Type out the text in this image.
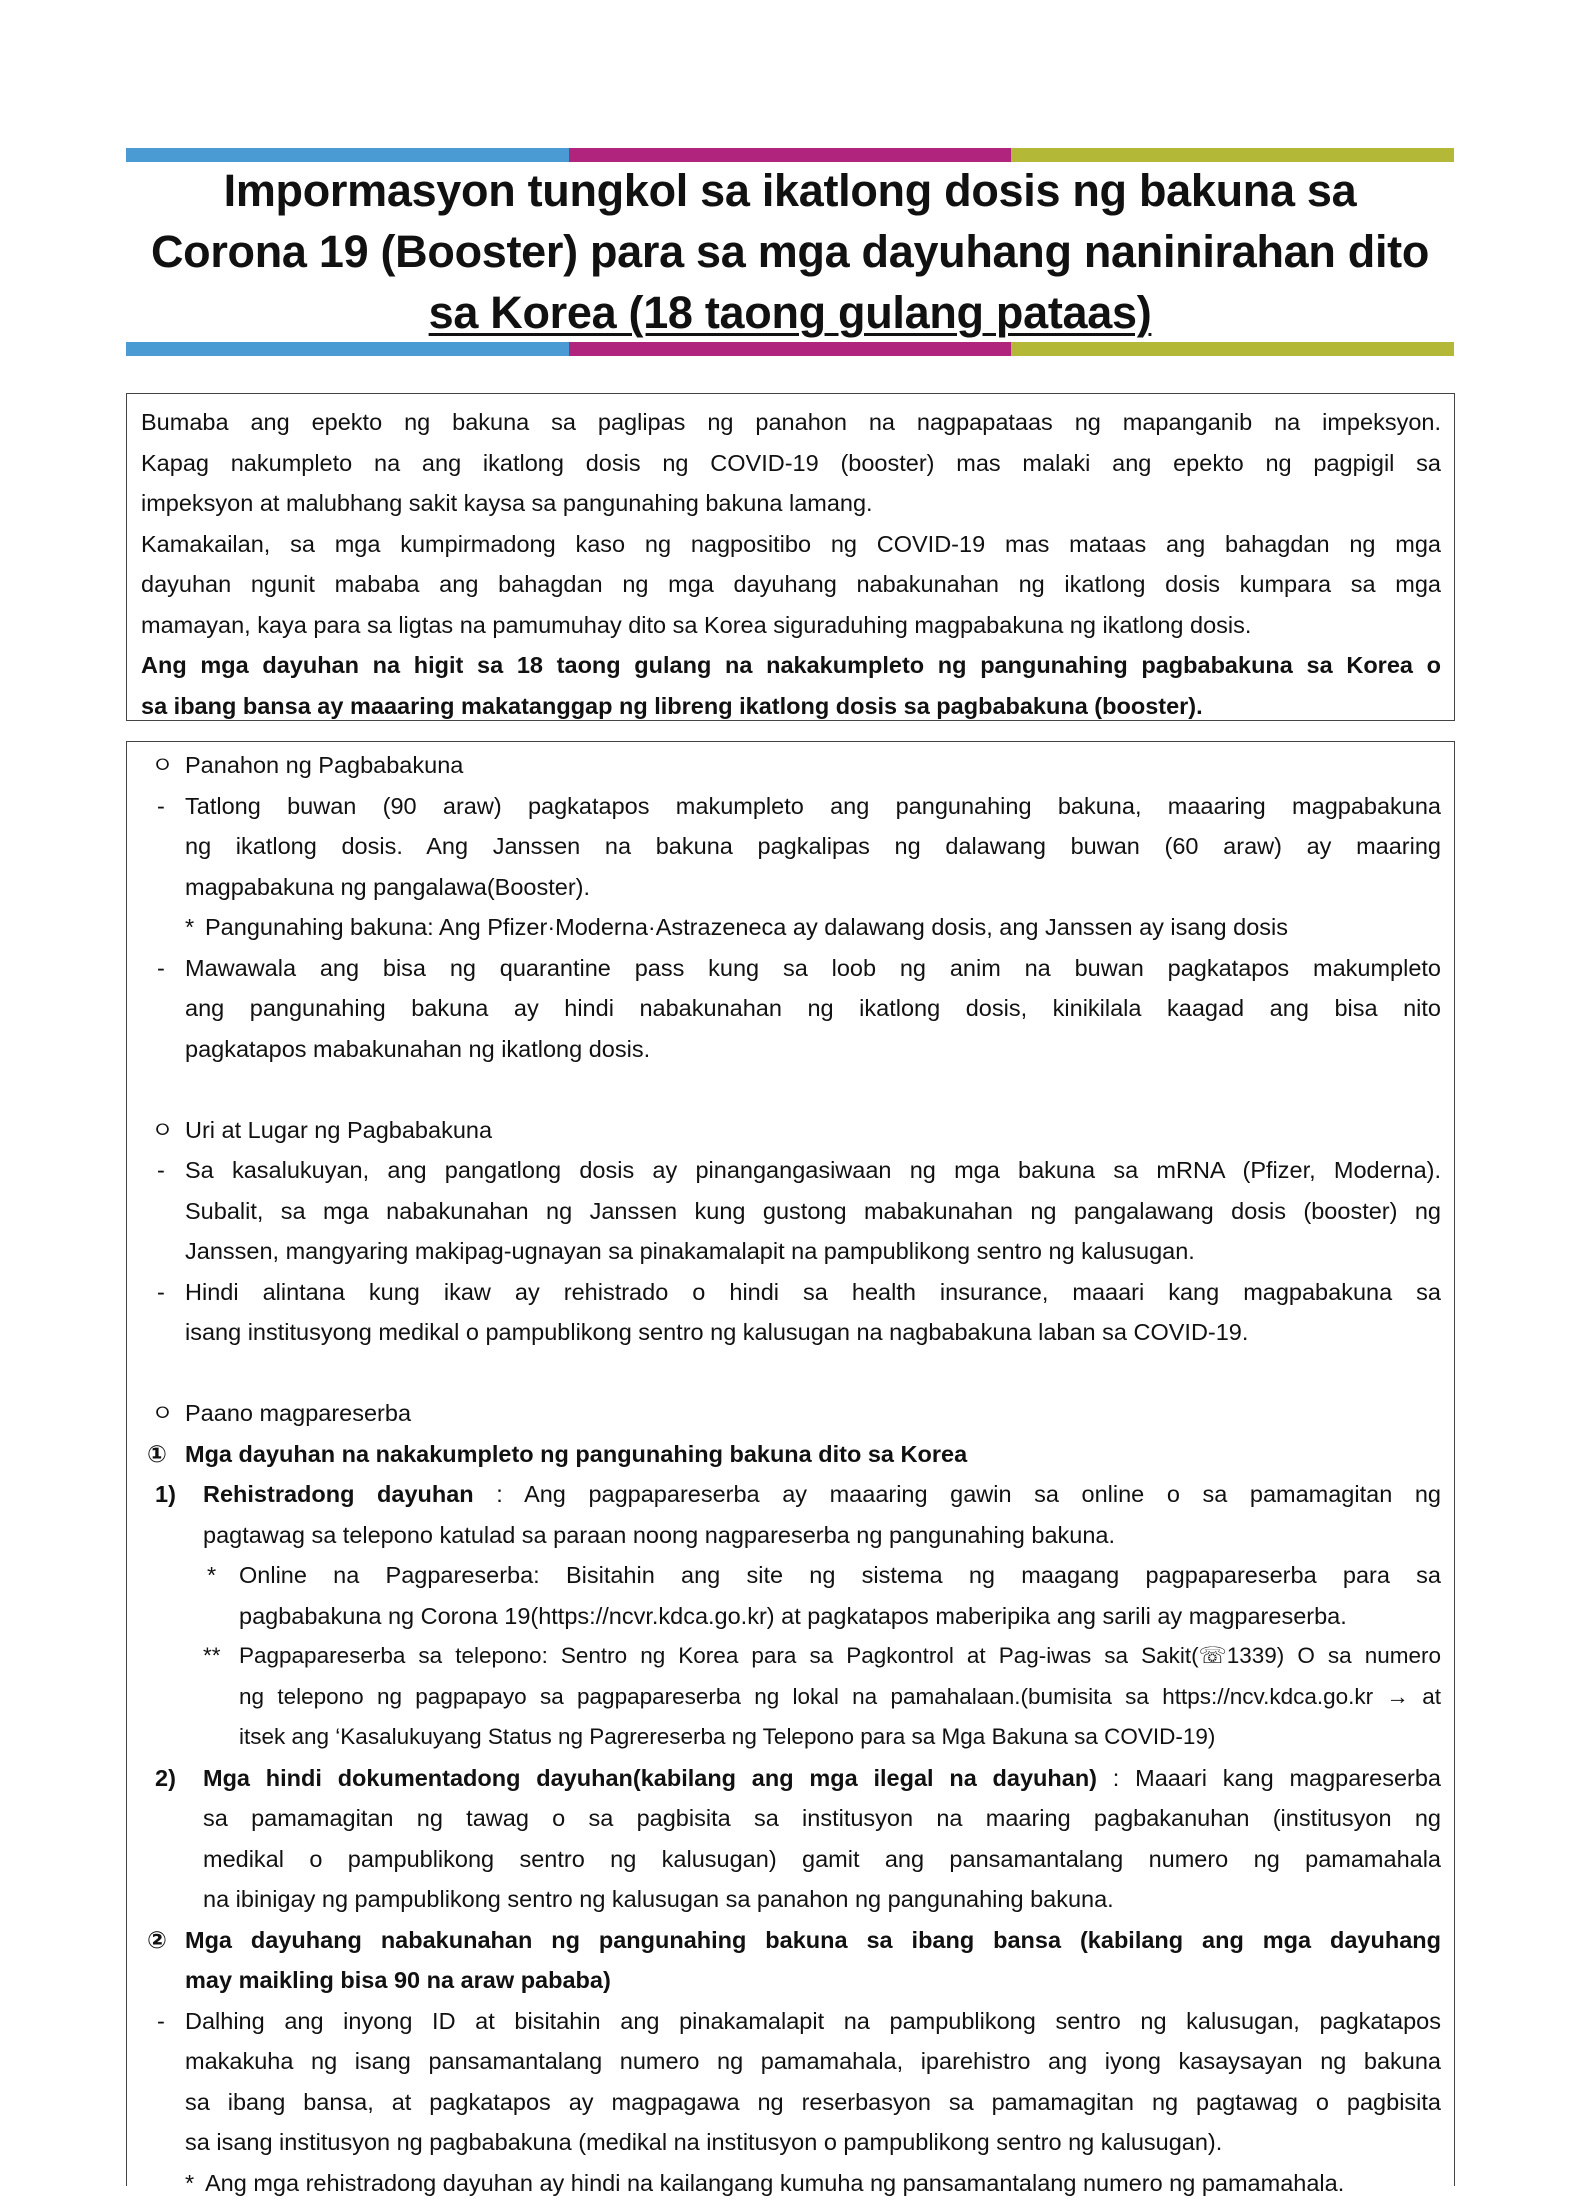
Impormasyon tungkol sa ikatlong dosis ng bakuna sa
Corona 19 (Booster) para sa mga dayuhang naninirahan dito
sa Korea (18 taong gulang pataas)

Bumaba ang epekto ng bakuna sa paglipas ng panahon na nagpapataas ng mapanganib na impeksyon.

Kapag nakumpleto na ang ikatlong dosis ng COVID-19 (booster) mas malaki ang epekto ng pagpigil sa

impeksyon at malubhang sakit kaysa sa pangunahing bakuna lamang.

Kamakailan, sa mga kumpirmadong kaso ng nagpositibo ng COVID-19 mas mataas ang bahagdan ng mga

dayuhan ngunit mababa ang bahagdan ng mga dayuhang nabakunahan ng ikatlong dosis kumpara sa mga

mamayan, kaya para sa ligtas na pamumuhay dito sa Korea siguraduhing magpabakuna ng ikatlong dosis.

Ang mga dayuhan na higit sa 18 taong gulang na nakakumpleto ng pangunahing pagbabakuna sa Korea o

sa ibang bansa ay maaaring makatanggap ng libreng ikatlong dosis sa pagbabakuna (booster).

ㅇ Panahon ng Pagbabakuna
- Tatlong buwan (90 araw) pagkatapos makumpleto ang pangunahing bakuna, maaaring magpabakuna
ng ikatlong dosis. Ang Janssen na bakuna pagkalipas ng dalawang buwan (60 araw) ay maaring
magpabakuna ng pangalawa(Booster).
* Pangunahing bakuna: Ang Pfizer·Moderna·Astrazeneca ay dalawang dosis, ang Janssen ay isang dosis
- Mawawala ang bisa ng quarantine pass kung sa loob ng anim na buwan pagkatapos makumpleto
ang pangunahing bakuna ay hindi nabakunahan ng ikatlong dosis, kinikilala kaagad ang bisa nito
pagkatapos mabakunahan ng ikatlong dosis.
ㅇ Uri at Lugar ng Pagbabakuna
- Sa kasalukuyan, ang pangatlong dosis ay pinangangasiwaan ng mga bakuna sa mRNA (Pfizer, Moderna).
Subalit, sa mga nabakunahan ng Janssen kung gustong mabakunahan ng pangalawang dosis (booster) ng
Janssen, mangyaring makipag-ugnayan sa pinakamalapit na pampublikong sentro ng kalusugan.
- Hindi alintana kung ikaw ay rehistrado o hindi sa health insurance, maaari kang magpabakuna sa
isang institusyong medikal o pampublikong sentro ng kalusugan na nagbabakuna laban sa COVID-19.
ㅇ Paano magpareserba
① Mga dayuhan na nakakumpleto ng pangunahing bakuna dito sa Korea
1) Rehistradong dayuhan : Ang pagpapareserba ay maaaring gawin sa online o sa pamamagitan ng
pagtawag sa telepono katulad sa paraan noong nagpareserba ng pangunahing bakuna.
* Online na Pagpareserba: Bisitahin ang site ng sistema ng maagang pagpapareserba para sa
pagbabakuna ng Corona 19(https://ncvr.kdca.go.kr) at pagkatapos maberipika ang sarili ay magpareserba.
** Pagpapareserba sa telepono: Sentro ng Korea para sa Pagkontrol at Pag-iwas sa Sakit(☏1339) O sa numero
ng telepono ng pagpapayo sa pagpapareserba ng lokal na pamahalaan.(bumisita sa https://ncv.kdca.go.kr → at
itsek ang ‘Kasalukuyang Status ng Pagrereserba ng Telepono para sa Mga Bakuna sa COVID-19)
2) Mga hindi dokumentadong dayuhan(kabilang ang mga ilegal na dayuhan) : Maaari kang magpareserba
sa pamamagitan ng tawag o sa pagbisita sa institusyon na maaring pagbakanuhan (institusyon ng
medikal o pampublikong sentro ng kalusugan) gamit ang pansamantalang numero ng pamamahala
na ibinigay ng pampublikong sentro ng kalusugan sa panahon ng pangunahing bakuna.
② Mga dayuhang nabakunahan ng pangunahing bakuna sa ibang bansa (kabilang ang mga dayuhang
may maikling bisa 90 na araw pababa)
- Dalhing ang inyong ID at bisitahin ang pinakamalapit na pampublikong sentro ng kalusugan, pagkatapos
makakuha ng isang pansamantalang numero ng pamamahala, iparehistro ang iyong kasaysayan ng bakuna
sa ibang bansa, at pagkatapos ay magpagawa ng reserbasyon sa pamamagitan ng pagtawag o pagbisita
sa isang institusyon ng pagbabakuna (medikal na institusyon o pampublikong sentro ng kalusugan).
* Ang mga rehistradong dayuhan ay hindi na kailangang kumuha ng pansamantalang numero ng pamamahala.
